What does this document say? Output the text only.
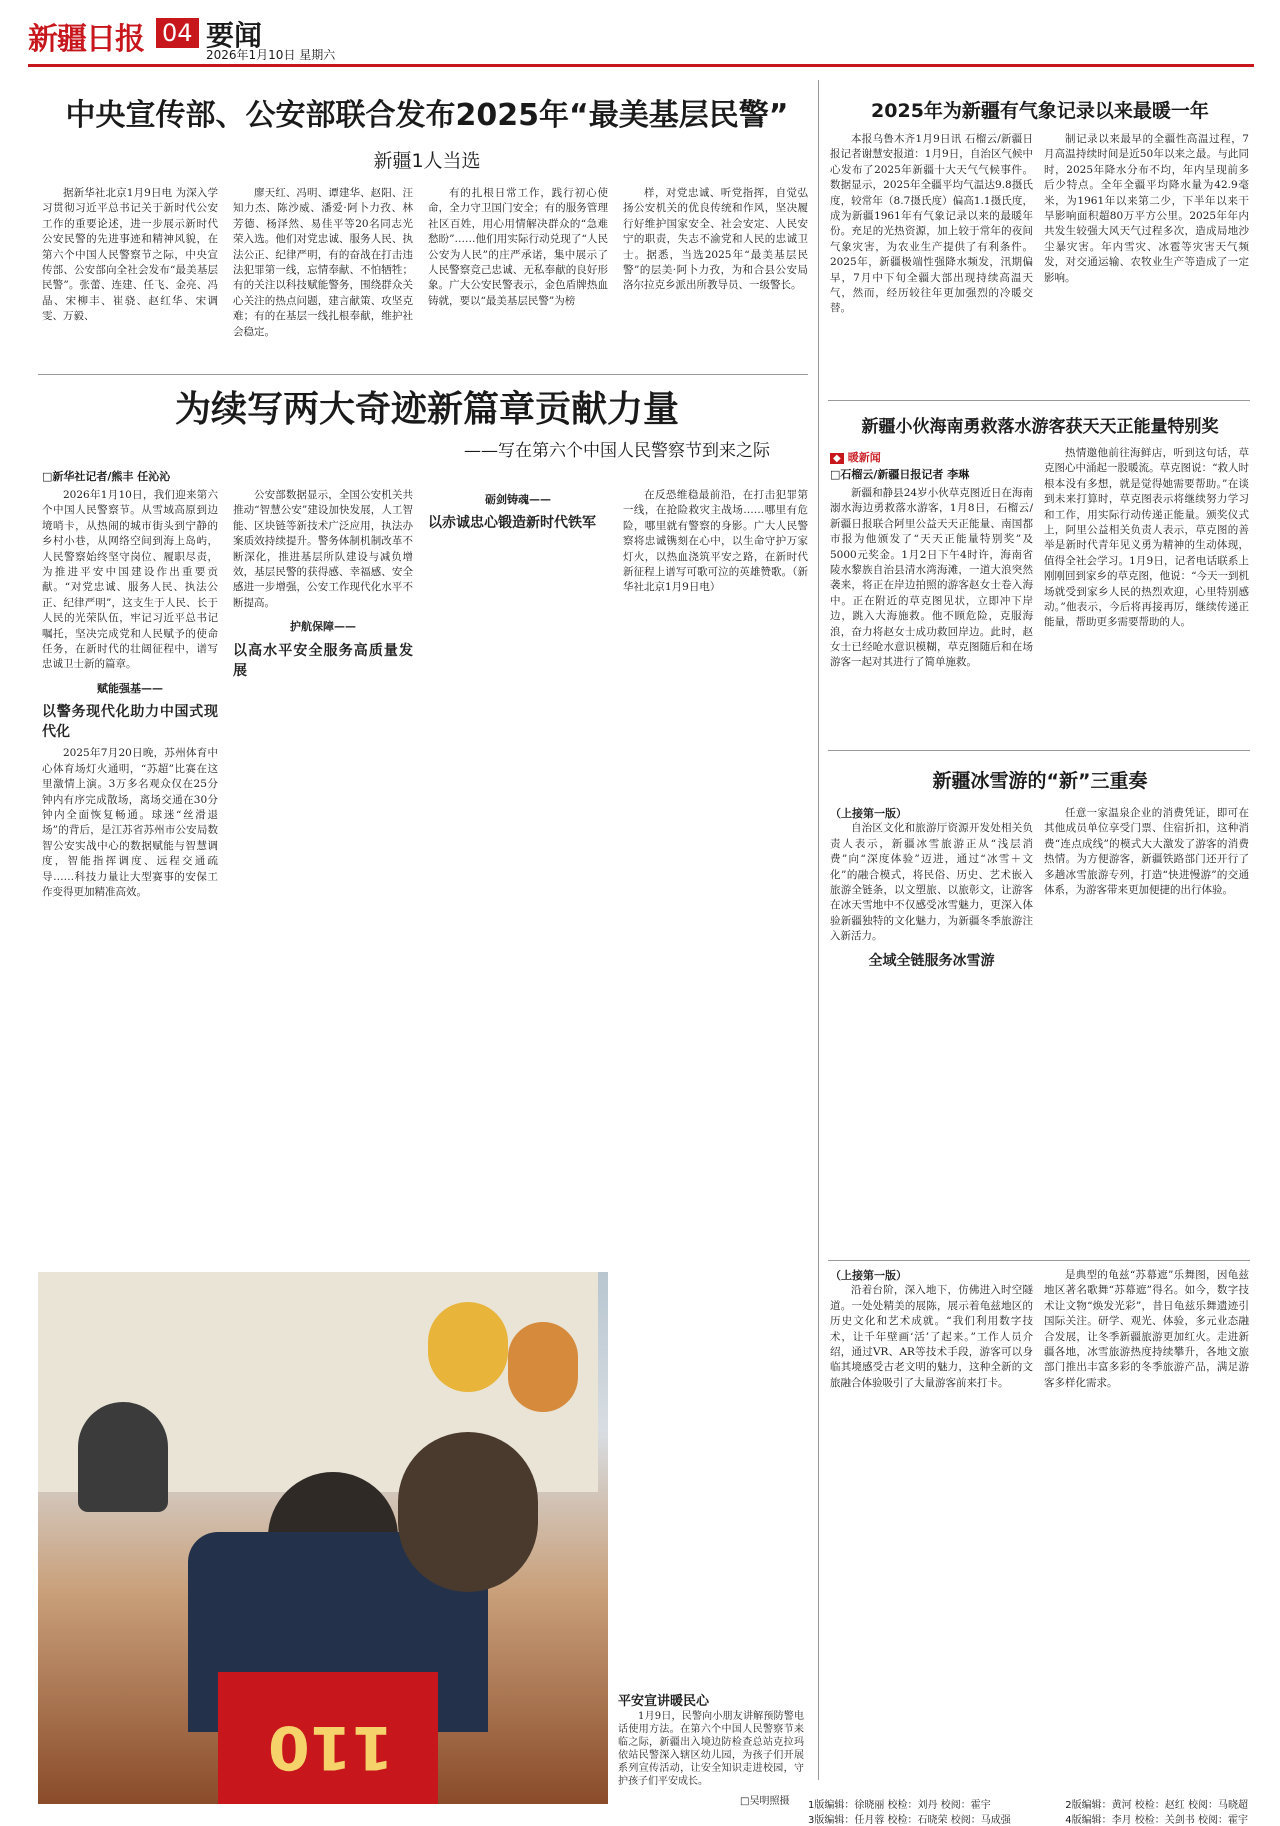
新疆日报 04 要闻
2026年1月10日 星期六
中央宣传部、公安部联合发布2025年“最美基层民警”
新疆1人当选

据新华社北京1月9日电 为深入学习贯彻习近平总书记关于新时代公安工作的重要论述，进一步展示新时代公安民警的先进事迹和精神风貌，在第六个中国人民警察节之际，中央宣传部、公安部向全社会发布“最美基层民警”。张蕾、连建、任飞、金亮、冯晶、宋柳丰、崔骁、赵红华、宋调雯、万毅、

廖天红、冯明、谭建华、赵阳、汪知力杰、陈沙威、潘爱·阿卜力孜、林芳德、杨泽然、易佳平等20名同志光荣入选。他们对党忠诚、服务人民、执法公正、纪律严明，有的奋战在打击违法犯罪第一线，忘情奉献、不怕牺牲；有的关注以科技赋能警务，围绕群众关心关注的热点问题，建言献策、攻坚克难；有的在基层一线扎根奉献，维护社会稳定。

有的扎根日常工作，践行初心使命，全力守卫国门安全；有的服务管理社区百姓，用心用情解决群众的“急难愁盼”……他们用实际行动兑现了“人民公安为人民”的庄严承诺，集中展示了人民警察竞己忠诚、无私奉献的良好形象。广大公安民警表示，金色盾牌热血铸就，要以“最美基层民警”为榜

样，对党忠诚、听党指挥，自觉弘扬公安机关的优良传统和作风，坚决履行好维护国家安全、社会安定、人民安宁的职责，失志不渝党和人民的忠诚卫士。据悉，当选2025年“最美基层民警”的层美·阿卜力孜，为和合县公安局洛尔拉克乡派出所教导员、一级警长。

为续写两大奇迹新篇章贡献力量
——写在第六个中国人民警察节到来之际
□新华社记者/熊丰 任沁沁

2026年1月10日，我们迎来第六个中国人民警察节。从雪域高原到边境哨卡，从热闹的城市街头到宁静的乡村小巷，从网络空间到海上岛屿，人民警察始终坚守岗位、履职尽责，为推进平安中国建设作出重要贡献。“对党忠诚、服务人民、执法公正、纪律严明”，这支生于人民、长于人民的光荣队伍，牢记习近平总书记嘱托，坚决完成党和人民赋予的使命任务，在新时代的壮阔征程中，谱写忠诚卫士新的篇章。

赋能强基——
以警务现代化助力中国式现代化

2025年7月20日晚，苏州体育中心体育场灯火通明，“苏超”比赛在这里激情上演。3万多名观众仅在25分钟内有序完成散场，离场交通在30分钟内全面恢复畅通。球迷“丝滑退场”的背后，是江苏省苏州市公安局数智公安实战中心的数据赋能与智慧调度，智能指挥调度、远程交通疏导……科技力量让大型赛事的安保工作变得更加精准高效。

公安部数据显示，全国公安机关共推动“智慧公安”建设加快发展，人工智能、区块链等新技术广泛应用，执法办案质效持续提升。警务体制机制改革不断深化，推进基层所队建设与减负增效，基层民警的获得感、幸福感、安全感进一步增强，公安工作现代化水平不断提高。

护航保障——
以高水平安全服务高质量发展
砺剑铸魂——
以赤诚忠心锻造新时代铁军

在反恐维稳最前沿，在打击犯罪第一线，在抢险救灾主战场……哪里有危险，哪里就有警察的身影。广大人民警察将忠诚镌刻在心中，以生命守护万家灯火，以热血浇筑平安之路，在新时代新征程上谱写可歌可泣的英雄赞歌。（新华社北京1月9日电）

2025年为新疆有气象记录以来最暖一年

本报乌鲁木齐1月9日讯 石榴云/新疆日报记者谢慧安报道：1月9日，自治区气候中心发布了2025年新疆十大天气气候事件。数据显示，2025年全疆平均气温达9.8摄氏度，较常年（8.7摄氏度）偏高1.1摄氏度，成为新疆1961年有气象记录以来的最暖年份。充足的光热资源，加上较于常年的夜间气象灾害，为农业生产提供了有利条件。2025年，新疆极端性强降水频发，汛期偏早，7月中下旬全疆大部出现持续高温天气，然而，经历较往年更加强烈的冷暖交替。

制记录以来最早的全疆性高温过程，7月高温持续时间是近50年以来之最。与此同时，2025年降水分布不均，年内呈现前多后少特点。全年全疆平均降水量为42.9毫米，为1961年以来第二少，下半年以来干旱影响面积超80万平方公里。2025年年内共发生较强大风天气过程多次，造成局地沙尘暴灾害。年内雪灾、冰雹等灾害天气频发，对交通运输、农牧业生产等造成了一定影响。

新疆小伙海南勇救落水游客获天天正能量特别奖
◆ 暖新闻
□石榴云/新疆日报记者 李琳

新疆和静县24岁小伙草克图近日在海南溺水海边勇救落水游客，1月8日，石榴云/新疆日报联合阿里公益天天正能量、南国都市报为他颁发了“天天正能量特别奖”及5000元奖金。1月2日下午4时许，海南省陵水黎族自治县清水湾海滩，一道大浪突然袭来，将正在岸边拍照的游客赵女士卷入海中。正在附近的草克图见状，立即冲下岸边，跳入大海施救。他不顾危险，克服海浪，奋力将赵女士成功救回岸边。此时，赵女士已经呛水意识模糊，草克图随后和在场游客一起对其进行了简单施救。

热情邀他前往海鲜店，听到这句话，草克图心中涌起一股暖流。草克图说：“救人时根本没有多想，就是觉得她需要帮助。”在谈到未来打算时，草克图表示将继续努力学习和工作，用实际行动传递正能量。颁奖仪式上，阿里公益相关负责人表示，草克图的善举是新时代青年见义勇为精神的生动体现，值得全社会学习。1月9日，记者电话联系上刚刚回到家乡的草克图，他说：“今天一到机场就受到家乡人民的热烈欢迎，心里特别感动。”他表示，今后将再接再厉，继续传递正能量，帮助更多需要帮助的人。

新疆冰雪游的“新”三重奏
（上接第一版）

自治区文化和旅游厅资源开发处相关负责人表示，新疆冰雪旅游正从“浅层消费”向“深度体验”迈进，通过“冰雪＋文化”的融合模式，将民俗、历史、艺术嵌入旅游全链条，以文塑旅、以旅彰文，让游客在冰天雪地中不仅感受冰雪魅力，更深入体验新疆独特的文化魅力，为新疆冬季旅游注入新活力。

全域全链服务冰雪游

任意一家温泉企业的消费凭证，即可在其他成员单位享受门票、住宿折扣，这种消费“连点成线”的模式大大激发了游客的消费热情。为方便游客，新疆铁路部门还开行了多趟冰雪旅游专列，打造“快进慢游”的交通体系，为游客带来更加便捷的出行体验。

（上接第一版）

沿着台阶，深入地下，仿佛进入时空隧道。一处处精美的展陈，展示着龟兹地区的历史文化和艺术成就。“我们利用数字技术，让千年壁画‘活’了起来。”工作人员介绍，通过VR、AR等技术手段，游客可以身临其境感受古老文明的魅力，这种全新的文旅融合体验吸引了大量游客前来打卡。

是典型的龟兹“苏幕遮”乐舞图，因龟兹地区著名歌舞“苏幕遮”得名。如今，数字技术让文物“焕发光彩”，昔日龟兹乐舞遗迹引国际关注。研学、观光、体验，多元业态融合发展，让冬季新疆旅游更加红火。走进新疆各地，冰雪旅游热度持续攀升，各地文旅部门推出丰富多彩的冬季旅游产品，满足游客多样化需求。

110
平安宣讲暖民心

1月9日，民警向小朋友讲解预防警电话使用方法。在第六个中国人民警察节来临之际，新疆出入境边防检查总站克拉玛依站民警深入辖区幼儿园，为孩子们开展系列宣传活动，让安全知识走进校园，守护孩子们平安成长。

□吴明照摄 1版编辑：徐晓丽 校检：刘丹 校阅：霍宇	2版编辑：黄河 校检：赵红 校阅：马晓超
3版编辑：任月蓉 校检：石晓荣 校阅：马成强	4版编辑：李月 校检：关剑书 校阅：霍宇
